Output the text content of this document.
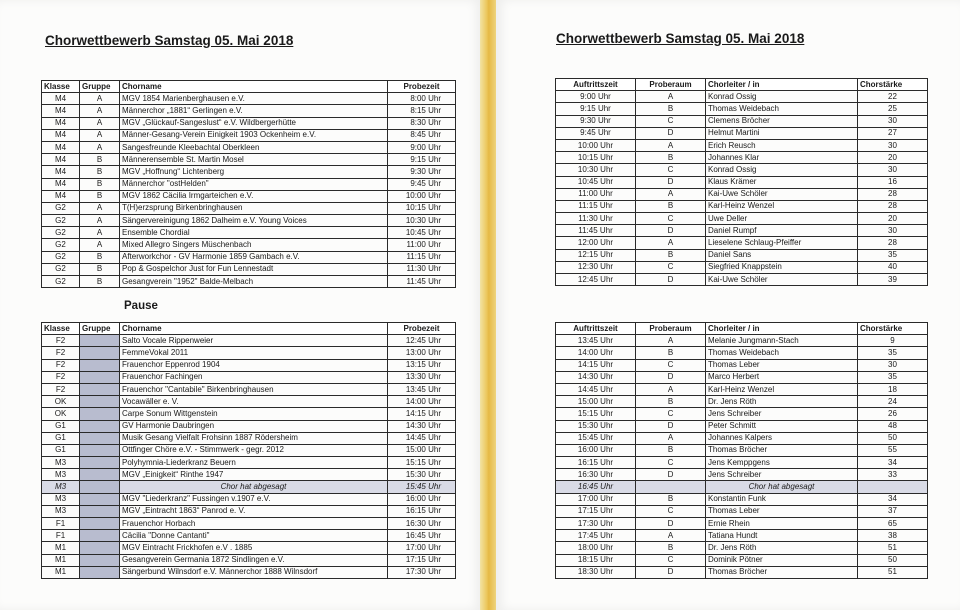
Chorwettbewerb Samstag 05. Mai 2018
Klasse	Gruppe	Chorname	Probezeit
M4	A	MGV 1854 Marienberghausen e.V.	8:00 Uhr
M4	A	Männerchor „1881“ Gerlingen e.V.	8:15 Uhr
M4	A	MGV „Glückauf-Sangeslust“ e.V. Wildbergerhütte	8:30 Uhr
M4	A	Männer-Gesang-Verein Einigkeit 1903 Ockenheim e.V.	8:45 Uhr
M4	A	Sangesfreunde Kleebachtal Oberkleen	9:00 Uhr
M4	B	Männerensemble St. Martin Mosel	9:15 Uhr
M4	B	MGV „Hoffnung“ Lichtenberg	9:30 Uhr
M4	B	Männerchor "ostHelden"	9:45 Uhr
M4	B	MGV 1862 Cäcilia Irmgarteichen e.V.	10:00 Uhr
G2	A	T(H)erzsprung Birkenbringhausen	10:15 Uhr
G2	A	Sängervereinigung 1862 Dalheim e.V. Young Voices	10:30 Uhr
G2	A	Ensemble Chordial	10:45 Uhr
G2	A	Mixed Allegro Singers Müschenbach	11:00 Uhr
G2	B	Afterworkchor - GV Harmonie 1859 Gambach e.V.	11:15 Uhr
G2	B	Pop & Gospelchor Just for Fun Lennestadt	11:30 Uhr
G2	B	Gesangverein "1952" Balde-Melbach	11:45 Uhr
Pause
Klasse	Gruppe	Chorname	Probezeit
F2		Salto Vocale Rippenweier	12:45 Uhr
F2		FemmeVokal 2011	13:00 Uhr
F2		Frauenchor Eppenrod 1904	13:15 Uhr
F2		Frauenchor Fachingen	13:30 Uhr
F2		Frauenchor "Cantabile" Birkenbringhausen	13:45 Uhr
OK		Vocawäller e. V.	14:00 Uhr
OK		Carpe Sonum Wittgenstein	14:15 Uhr
G1		GV Harmonie Daubringen	14:30 Uhr
G1		Musik Gesang Vielfalt Frohsinn 1887 Rödersheim	14:45 Uhr
G1		Ottfinger Chöre e.V. - Stimmwerk - gegr. 2012	15:00 Uhr
M3		Polyhymnia-Liederkranz Beuern	15:15 Uhr
M3		MGV „Einigkeit“ Rinthe 1947	15:30 Uhr
M3		Chor hat abgesagt	15:45 Uhr
M3		MGV "Liederkranz" Fussingen v.1907 e.V.	16:00 Uhr
M3		MGV „Eintracht 1863“ Panrod e. V.	16:15 Uhr
F1		Frauenchor Horbach	16:30 Uhr
F1		Cäcilia "Donne Cantanti"	16:45 Uhr
M1		MGV Eintracht Frickhofen e.V . 1885	17:00 Uhr
M1		Gesangverein Germania 1872 Sindlingen e.V.	17:15 Uhr
M1		Sängerbund Wilnsdorf e.V. Männerchor 1888 Wilnsdorf	17:30 Uhr
Chorwettbewerb Samstag 05. Mai 2018
Auftrittszeit	Proberaum	Chorleiter / in	Chorstärke
9:00 Uhr	A	Konrad Ossig	22
9:15 Uhr	B	Thomas Weidebach	25
9:30 Uhr	C	Clemens Bröcher	30
9:45 Uhr	D	Helmut Martini	27
10:00 Uhr	A	Erich Reusch	30
10:15 Uhr	B	Johannes Klar	20
10:30 Uhr	C	Konrad Ossig	30
10:45 Uhr	D	Klaus Krämer	16
11:00 Uhr	A	Kai-Uwe Schöler	28
11:15 Uhr	B	Karl-Heinz Wenzel	28
11:30 Uhr	C	Uwe Deller	20
11:45 Uhr	D	Daniel Rumpf	30
12:00 Uhr	A	Lieselene Schlaug-Pfeiffer	28
12:15 Uhr	B	Daniel Sans	35
12:30 Uhr	C	Siegfried Knappstein	40
12:45 Uhr	D	Kai-Uwe Schöler	39
Auftrittszeit	Proberaum	Chorleiter / in	Chorstärke
13:45 Uhr	A	Melanie Jungmann-Stach	9
14:00 Uhr	B	Thomas Weidebach	35
14:15 Uhr	C	Thomas Leber	30
14:30 Uhr	D	Marco Herbert	35
14:45 Uhr	A	Karl-Heinz Wenzel	18
15:00 Uhr	B	Dr. Jens Röth	24
15:15 Uhr	C	Jens Schreiber	26
15:30 Uhr	D	Peter Schmitt	48
15:45 Uhr	A	Johannes Kalpers	50
16:00 Uhr	B	Thomas Bröcher	55
16:15 Uhr	C	Jens Kemppgens	34
16:30 Uhr	D	Jens Schreiber	33
16:45 Uhr		Chor hat abgesagt	
17:00 Uhr	B	Konstantin Funk	34
17:15 Uhr	C	Thomas Leber	37
17:30 Uhr	D	Ernie Rhein	65
17:45 Uhr	A	Tatiana Hundt	38
18:00 Uhr	B	Dr. Jens Röth	51
18:15 Uhr	C	Dominik Pötner	50
18:30 Uhr	D	Thomas Bröcher	51
